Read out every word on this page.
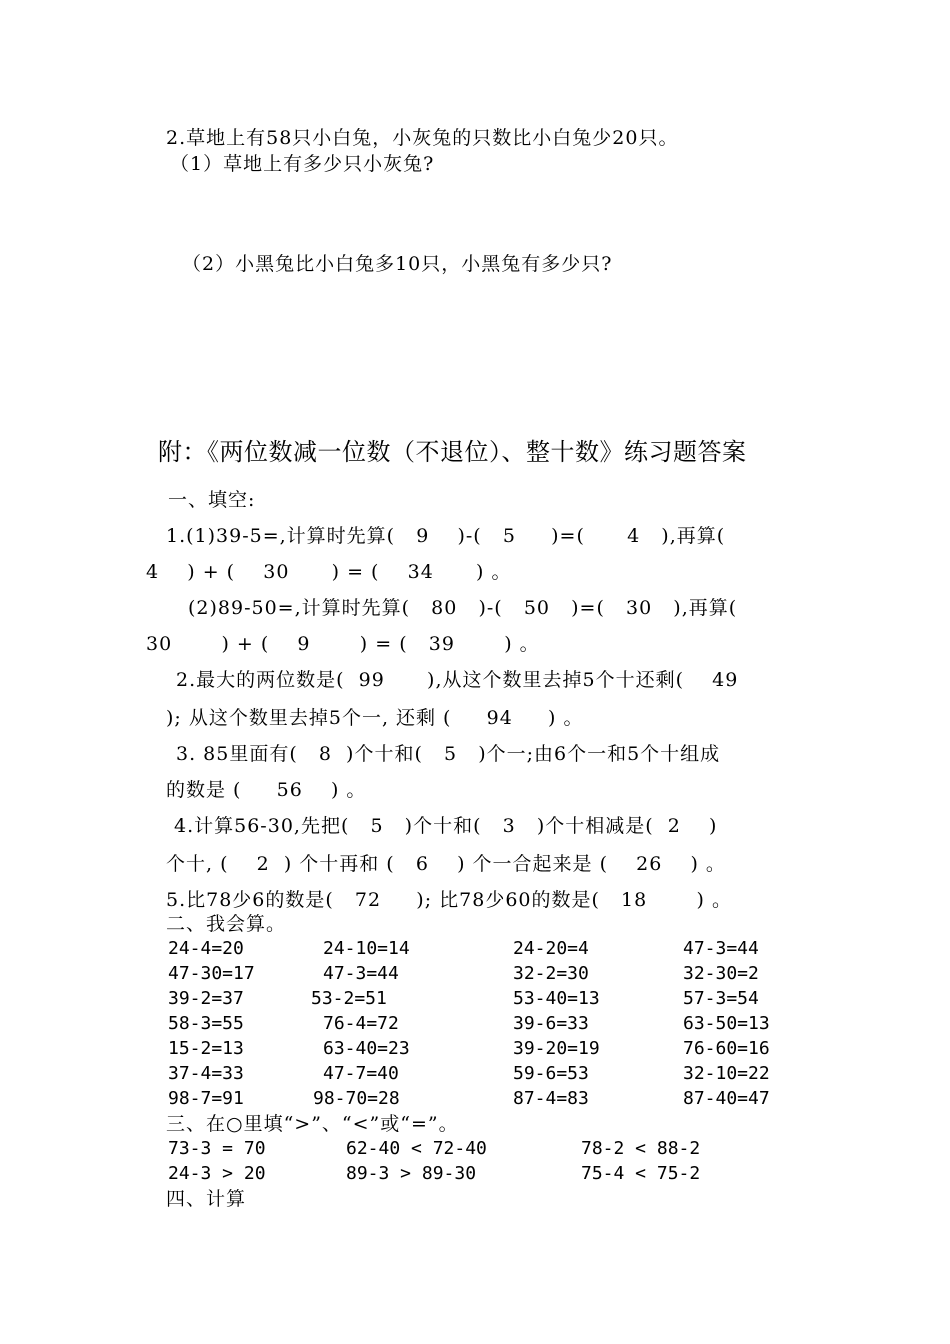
2.草地上有58只小白兔，小灰兔的只数比小白兔少20只。
（1）草地上有多少只小灰兔?
（2）小黑兔比小白兔多10只，小黑兔有多少只?
附：《两位数减一位数（不退位）、整十数》练习题答案
一、填空:
1.(1)39-5=,计算时先算(   9    )-(   5     )=(      4   ),再算(
4    ) + (    30      ) = (    34      ) 。
(2)89-50=,计算时先算(   80   )-(   50   )=(   30   ),再算(
30       ) + (    9       ) = (   39       ) 。
2.最大的两位数是(  99      ),从这个数里去掉5个十还剩(    49
); 从这个数里去掉5个一, 还剩 (     94     ) 。
3. 85里面有(   8  )个十和(   5   )个一;由6个一和5个十组成
的数是 (     56    ) 。
4.计算56-30,先把(   5   )个十和(   3   )个十相减是(  2    )
个十, (    2  ) 个十再和 (   6    ) 个一合起来是 (    26    ) 。
5.比78少6的数是(   72     ); 比78少60的数是(   18       ) 。
二、我会算。
24-4=20	24-10=14	24-20=4	47-3=44
47-30=17	47-3=44	32-2=30	32-30=2
39-2=37	53-2=51	53-40=13	57-3=54
58-3=55	76-4=72	39-6=33	63-50=13
15-2=13	63-40=23	39-20=19	76-60=16
37-4=33	47-7=40	59-6=53	32-10=22
98-7=91	98-70=28	87-4=83	87-40=47
三、在○里填“>”、“<”或“=”。
73-3 = 70	62-40 < 72-40	78-2 < 88-2
24-3 > 20	89-3 > 89-30	75-4 < 75-2
四、计算
